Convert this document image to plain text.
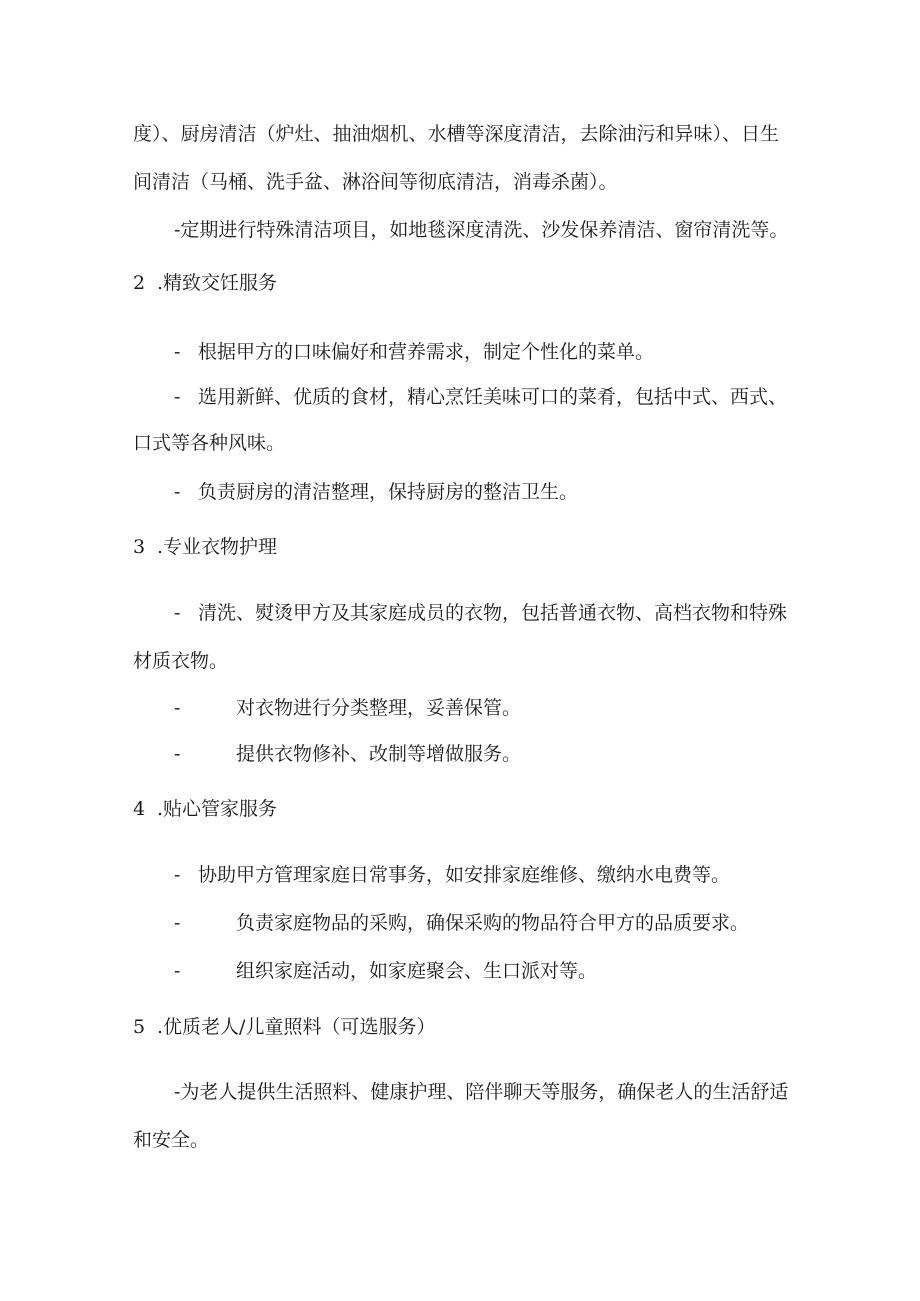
度）、厨房清洁（炉灶、抽油烟机、水槽等深度清洁，去除油污和异味）、日生
间清洁（马桶、洗手盆、淋浴间等彻底清洁，消毒杀菌）。
-定期进行特殊清洁项目，如地毯深度清洗、沙发保养清洁、窗帘清洗等。
2 .精致交饪服务
- 根据甲方的口味偏好和营养需求，制定个性化的菜单。
- 选用新鲜、优质的食材，精心烹饪美味可口的菜肴，包括中式、西式、
口式等各种风味。
- 负责厨房的清洁整理，保持厨房的整洁卫生。
3 .专业衣物护理
- 清洗、熨烫甲方及其家庭成员的衣物，包括普通衣物、高档衣物和特殊
材质衣物。
-	对衣物进行分类整理，妥善保管。
-	提供衣物修补、改制等增做服务。
4 .贴心管家服务
- 协助甲方管理家庭日常事务，如安排家庭维修、缴纳水电费等。
-	负责家庭物品的采购，确保采购的物品符合甲方的品质要求。
-	组织家庭活动，如家庭聚会、生口派对等。
5 .优质老人/儿童照料（可选服务）
-为老人提供生活照料、健康护理、陪伴聊天等服务，确保老人的生活舒适
和安全。
